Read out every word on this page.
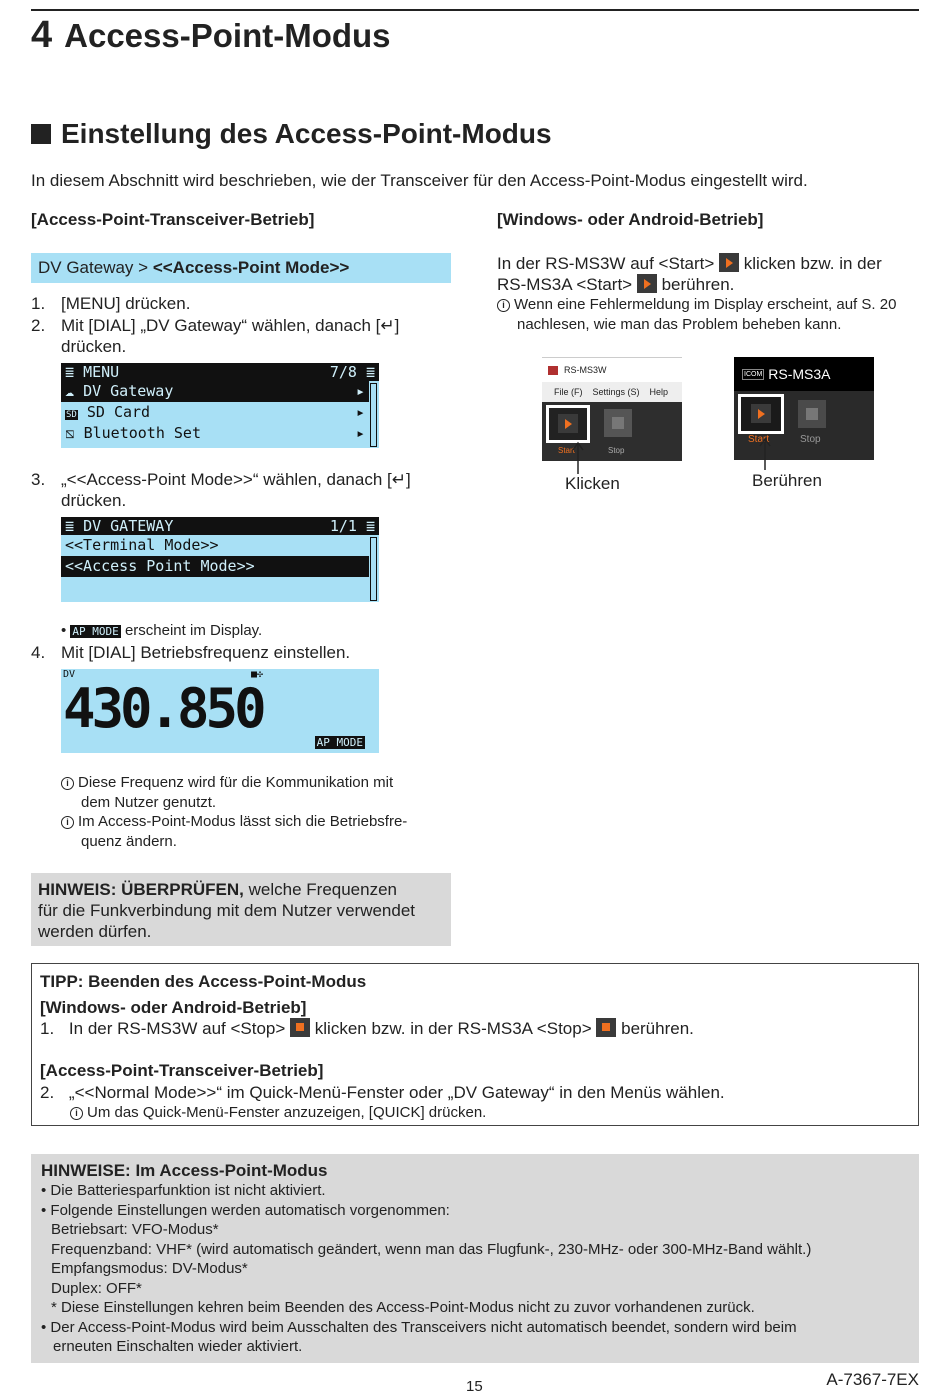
4 Access-Point-Modus
Einstellung des Access-Point-Modus
In diesem Abschnitt wird beschrieben, wie der Transceiver für den Access-Point-Modus eingestellt wird.
[Access-Point-Transceiver-Betrieb]
DV Gateway > <<Access-Point Mode>>
1. [MENU] drücken.
2. Mit [DIAL] „DV Gateway“ wählen, danach [↵]
drücken.
≣ MENU	7/8 ≣
☁ DV Gateway	▸
SD SD Card	▸
⧅ Bluetooth Set	▸
3. „<<Access-Point Mode>>“ wählen, danach [↵]
drücken.
≣ DV GATEWAY	1/1 ≣
<<Terminal Mode>>
<<Access Point Mode>>
• AP MODE erscheint im Display.
4. Mit [DIAL] Betriebsfrequenz einstellen.
DV	■✣
430.850
AP MODE
i Diese Frequenz wird für die Kommunikation mit
dem Nutzer genutzt.
i Im Access-Point-Modus lässt sich die Betriebsfre-
quenz ändern.
HINWEIS: ÜBERPRÜFEN, welche Frequenzen
für die Funkverbindung mit dem Nutzer verwendet
werden dürfen.
[Windows- oder Android-Betrieb]
In der RS-MS3W auf <Start> klicken bzw. in der
RS-MS3A <Start> berühren.
i Wenn eine Fehlermeldung im Display erscheint, auf S. 20
nachlesen, wie man das Problem beheben kann.
RS-MS3W
File (F) Settings (S) Help
Start	Stop
Klicken
ICOM RS-MS3A
Start	Stop
Berühren
TIPP: Beenden des Access-Point-Modus
[Windows- oder Android-Betrieb]
1. In der RS-MS3W auf <Stop> klicken bzw. in der RS-MS3A <Stop> berühren.
[Access-Point-Transceiver-Betrieb]
2. „<<Normal Mode>>“ im Quick-Menü-Fenster oder „DV Gateway“ in den Menüs wählen.
i Um das Quick-Menü-Fenster anzuzeigen, [QUICK] drücken.
HINWEISE: Im Access-Point-Modus
• Die Batteriesparfunktion ist nicht aktiviert.
• Folgende Einstellungen werden automatisch vorgenommen:
Betriebsart: VFO-Modus*
Frequenzband: VHF* (wird automatisch geändert, wenn man das Flugfunk-, 230-MHz- oder 300-MHz-Band wählt.)
Empfangsmodus: DV-Modus*
Duplex: OFF*
* Diese Einstellungen kehren beim Beenden des Access-Point-Modus nicht zu zuvor vorhandenen zurück.
• Der Access-Point-Modus wird beim Ausschalten des Transceivers nicht automatisch beendet, sondern wird beim
erneuten Einschalten wieder aktiviert.
15	A-7367-7EX
